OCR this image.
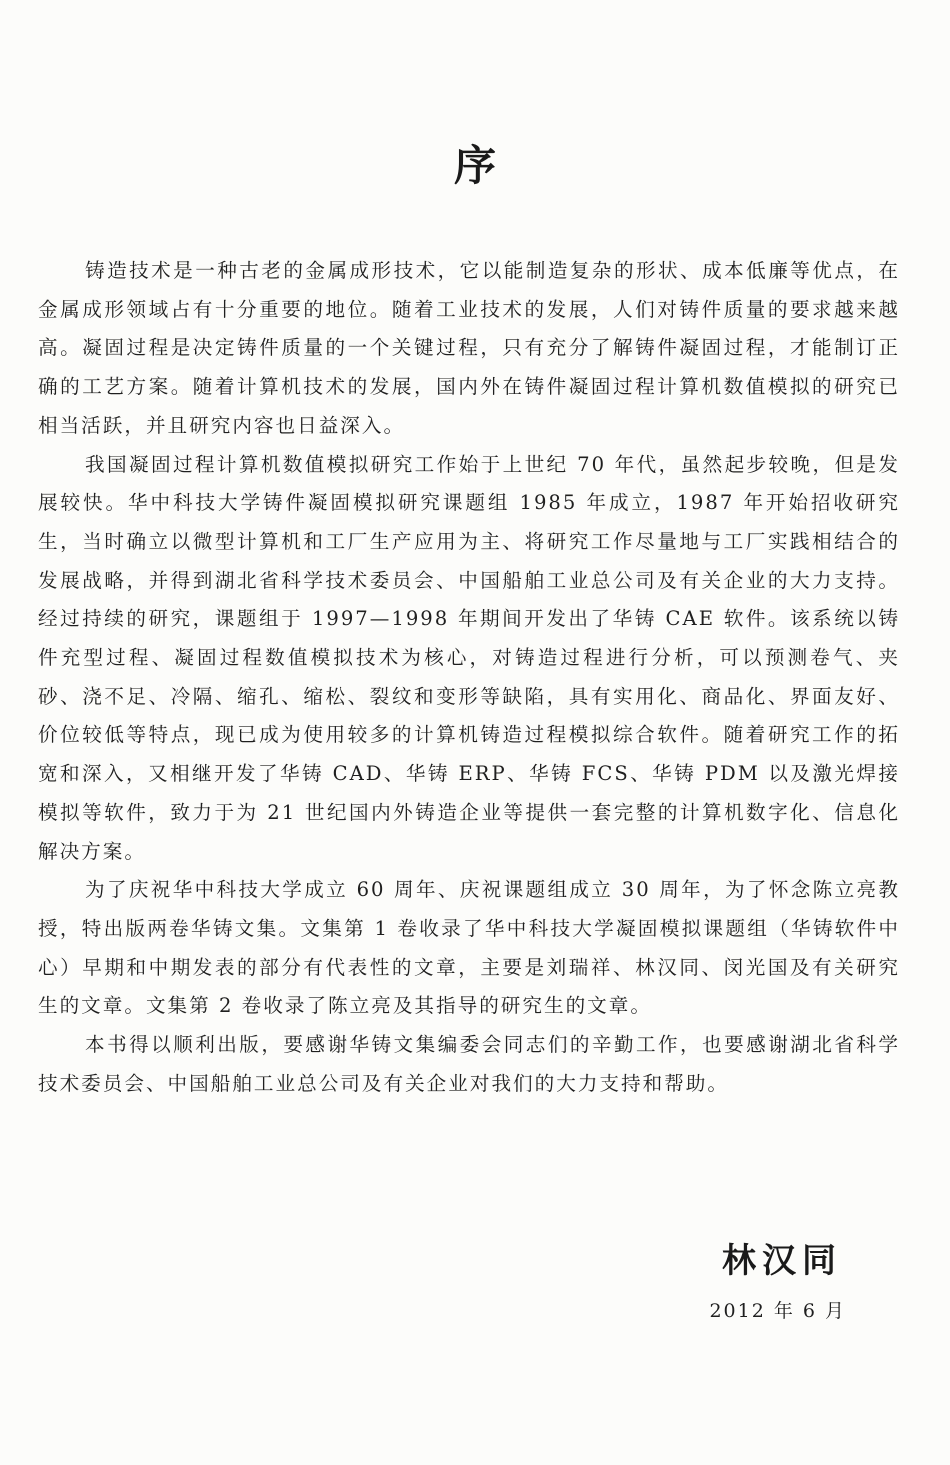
序

铸造技术是一种古老的金属成形技术，它以能制造复杂的形状、成本低廉等优点，在金属成形领域占有十分重要的地位。随着工业技术的发展，人们对铸件质量的要求越来越高。凝固过程是决定铸件质量的一个关键过程，只有充分了解铸件凝固过程，才能制订正确的工艺方案。随着计算机技术的发展，国内外在铸件凝固过程计算机数值模拟的研究已相当活跃，并且研究内容也日益深入。

我国凝固过程计算机数值模拟研究工作始于上世纪 70 年代，虽然起步较晚，但是发展较快。华中科技大学铸件凝固模拟研究课题组 1985 年成立，1987 年开始招收研究生，当时确立以微型计算机和工厂生产应用为主、将研究工作尽量地与工厂实践相结合的发展战略，并得到湖北省科学技术委员会、中国船舶工业总公司及有关企业的大力支持。经过持续的研究，课题组于 1997—1998 年期间开发出了华铸 CAE 软件。该系统以铸件充型过程、凝固过程数值模拟技术为核心，对铸造过程进行分析，可以预测卷气、夹砂、浇不足、冷隔、缩孔、缩松、裂纹和变形等缺陷，具有实用化、商品化、界面友好、价位较低等特点，现已成为使用较多的计算机铸造过程模拟综合软件。随着研究工作的拓宽和深入，又相继开发了华铸 CAD、华铸 ERP、华铸 FCS、华铸 PDM 以及激光焊接模拟等软件，致力于为 21 世纪国内外铸造企业等提供一套完整的计算机数字化、信息化解决方案。

为了庆祝华中科技大学成立 60 周年、庆祝课题组成立 30 周年，为了怀念陈立亮教授，特出版两卷华铸文集。文集第 1 卷收录了华中科技大学凝固模拟课题组（华铸软件中心）早期和中期发表的部分有代表性的文章，主要是刘瑞祥、林汉同、闵光国及有关研究生的文章。文集第 2 卷收录了陈立亮及其指导的研究生的文章。

本书得以顺利出版，要感谢华铸文集编委会同志们的辛勤工作，也要感谢湖北省科学技术委员会、中国船舶工业总公司及有关企业对我们的大力支持和帮助。

林汉同
2012 年 6 月
